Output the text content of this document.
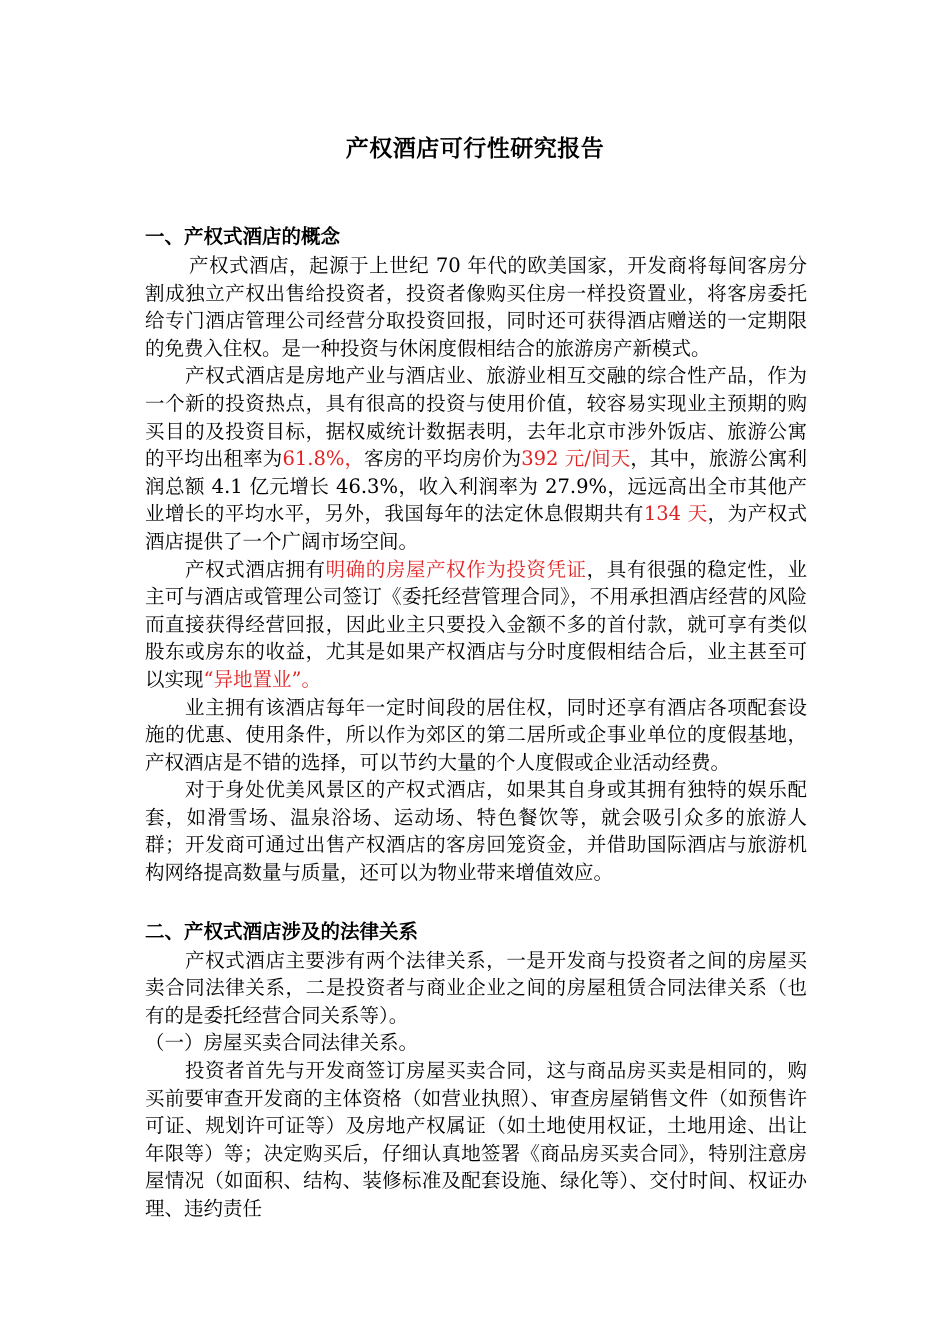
产权酒店可行性研究报告
一、产权式酒店的概念
产权式酒店，起源于上世纪 70 年代的欧美国家，开发商将每间客房分割成独立产权出售给投资者，投资者像购买住房一样投资置业，将客房委托给专门酒店管理公司经营分取投资回报，同时还可获得酒店赠送的一定期限的免费入住权。是一种投资与休闲度假相结合的旅游房产新模式。
产权式酒店是房地产业与酒店业、旅游业相互交融的综合性产品，作为一个新的投资热点，具有很高的投资与使用价值，较容易实现业主预期的购买目的及投资目标，据权威统计数据表明，去年北京市涉外饭店、旅游公寓的平均出租率为61.8%，客房的平均房价为392 元/间天，其中，旅游公寓利润总额 4.1 亿元增长 46.3%，收入利润率为 27.9%，远远高出全市其他产业增长的平均水平，另外，我国每年的法定休息假期共有134 天，为产权式酒店提供了一个广阔市场空间。
产权式酒店拥有明确的房屋产权作为投资凭证，具有很强的稳定性，业主可与酒店或管理公司签订《委托经营管理合同》，不用承担酒店经营的风险而直接获得经营回报，因此业主只要投入金额不多的首付款，就可享有类似股东或房东的收益，尤其是如果产权酒店与分时度假相结合后，业主甚至可以实现“异地置业”。
业主拥有该酒店每年一定时间段的居住权，同时还享有酒店各项配套设施的优惠、使用条件，所以作为郊区的第二居所或企事业单位的度假基地，产权酒店是不错的选择，可以节约大量的个人度假或企业活动经费。
对于身处优美风景区的产权式酒店，如果其自身或其拥有独特的娱乐配套，如滑雪场、温泉浴场、运动场、特色餐饮等，就会吸引众多的旅游人群；开发商可通过出售产权酒店的客房回笼资金，并借助国际酒店与旅游机构网络提高数量与质量，还可以为物业带来增值效应。
二、产权式酒店涉及的法律关系
产权式酒店主要涉有两个法律关系，一是开发商与投资者之间的房屋买卖合同法律关系，二是投资者与商业企业之间的房屋租赁合同法律关系（也有的是委托经营合同关系等）。
（一）房屋买卖合同法律关系。
投资者首先与开发商签订房屋买卖合同，这与商品房买卖是相同的，购买前要审查开发商的主体资格（如营业执照）、审查房屋销售文件（如预售许可证、规划许可证等）及房地产权属证（如土地使用权证，土地用途、出让年限等）等；决定购买后，仔细认真地签署《商品房买卖合同》，特别注意房屋情况（如面积、结构、装修标准及配套设施、绿化等）、交付时间、权证办理、违约责任
